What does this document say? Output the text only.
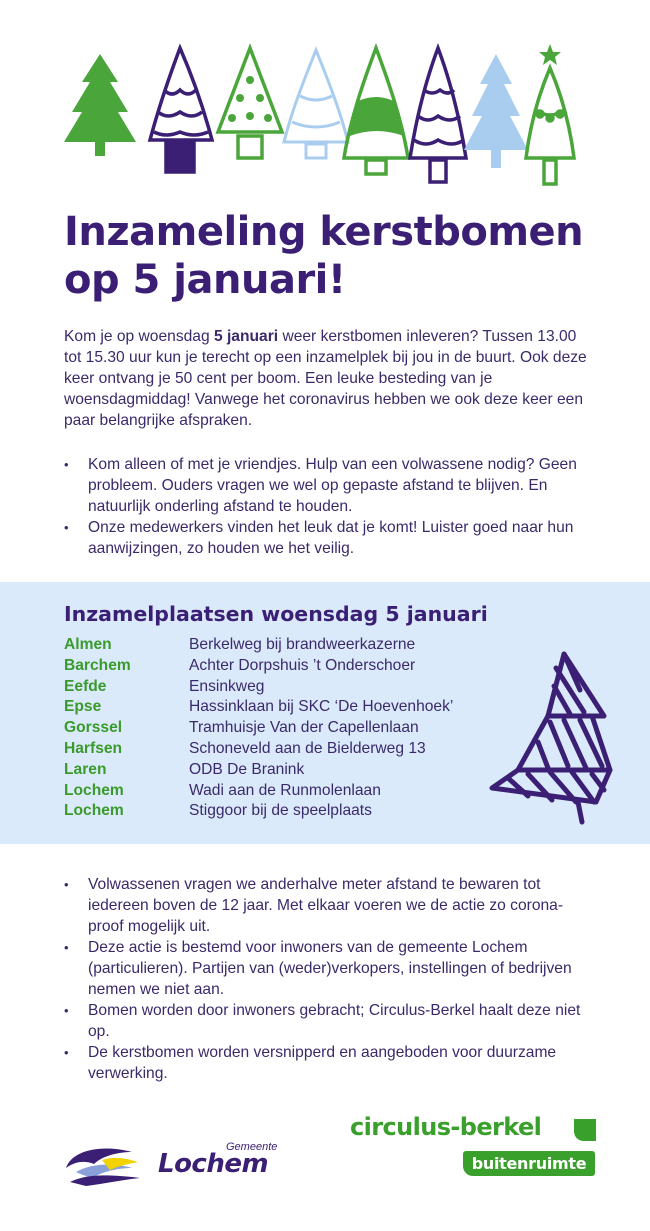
Inzameling kerstbomen
op 5 januari!

Kom je op woensdag 5 januari weer kerstbomen inleveren? Tussen 13.00 tot 15.30 uur kun je terecht op een inzamelplek bij jou in de buurt. Ook deze keer ontvang je 50 cent per boom. Een leuke besteding van je woensdagmiddag! Vanwege het coronavirus hebben we ook deze keer een paar belangrijke afspraken.

• Kom alleen of met je vriendjes. Hulp van een volwassene nodig? Geen probleem. Ouders vragen we wel op gepaste afstand te blijven. En natuurlijk onderling afstand te houden.
• Onze medewerkers vinden het leuk dat je komt! Luister goed naar hun aanwijzingen, zo houden we het veilig.
Inzamelplaatsen woensdag 5 januari
Almen	Berkelweg bij brandweerkazerne
Barchem	Achter Dorpshuis ’t Onderschoer
Eefde	Ensinkweg
Epse	Hassinklaan bij SKC ‘De Hoevenhoek’
Gorssel	Tramhuisje Van der Capellenlaan
Harfsen	Schoneveld aan de Bielderweg 13
Laren	ODB De Branink
Lochem	Wadi aan de Runmolenlaan
Lochem	Stiggoor bij de speelplaats
• Volwassenen vragen we anderhalve meter afstand te bewaren tot iedereen boven de 12 jaar. Met elkaar voeren we de actie zo corona-proof mogelijk uit.
• Deze actie is bestemd voor inwoners van de gemeente Lochem (particulieren). Partijen van (weder)verkopers, instellingen of bedrijven nemen we niet aan.
• Bomen worden door inwoners gebracht; Circulus-Berkel haalt deze niet op.
• De kerstbomen worden versnipperd en aangeboden voor duurzame verwerking.
Gemeente
Lochem
circulus-berkel
buitenruimte
